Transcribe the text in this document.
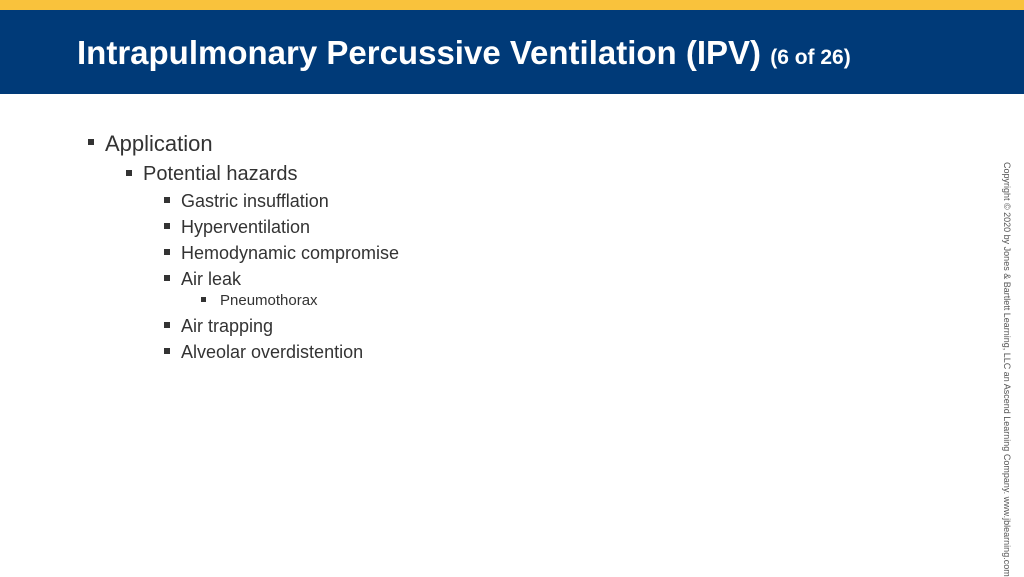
Intrapulmonary Percussive Ventilation (IPV) (6 of 26)
Application
Potential hazards
Gastric insufflation
Hyperventilation
Hemodynamic compromise
Air leak
Pneumothorax
Air trapping
Alveolar overdistention	Copyright © 2020 by Jones & Bartlett Learning, LLC an Ascend Learning Company. www.jblearning.com
